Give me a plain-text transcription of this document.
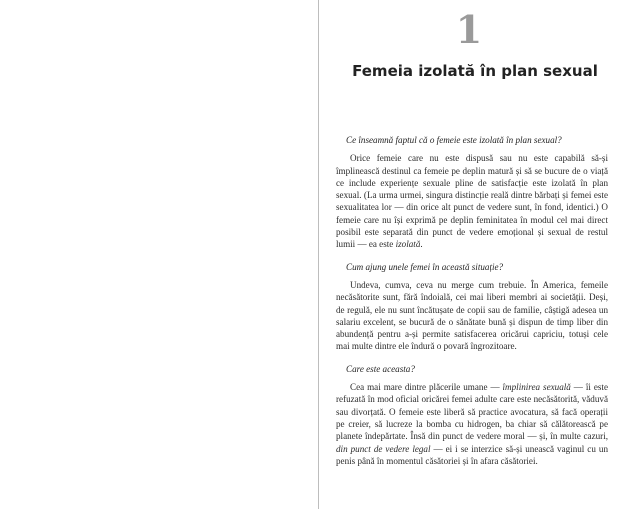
1
Femeia izolată în plan sexual

Ce înseamnă faptul că o femeie este izolată în plan sexual?

Orice femeie care nu este dispusă sau nu este capabilă să-și împlinească destinul ca femeie pe deplin matură și să se bucure de o viață ce include experiențe sexuale pline de satisfacție este izolată în plan sexual. (La urma urmei, singura distincție reală dintre bărbați și femei este sexualitatea lor — din orice alt punct de vedere sunt, în fond, identici.) O femeie care nu își exprimă pe deplin feminitatea în modul cel mai direct posibil este separată din punct de vedere emoțional și sexual de restul lumii — ea este izolată.

Cum ajung unele femei în această situație?

Undeva, cumva, ceva nu merge cum trebuie. În America, femeile necăsătorite sunt, fără îndoială, cei mai liberi membri ai societății. Deși, de regulă, ele nu sunt încătușate de copii sau de familie, câștigă adesea un salariu excelent, se bucură de o sănătate bună și dispun de timp liber din abundență pentru a-și permite satisfacerea oricărui capriciu, totuși cele mai multe dintre ele îndură o povară îngrozitoare.

Care este aceasta?

Cea mai mare dintre plăcerile umane — împlinirea sexuală — îi este refuzată în mod oficial oricărei femei adulte care este necăsătorită, văduvă sau divorțată. O femeie este liberă să practice avocatura, să facă operații pe creier, să lucreze la bomba cu hidrogen, ba chiar să călătorească pe planete îndepărtate. Însă din punct de vedere moral — și, în multe cazuri, din punct de vedere legal — ei i se interzice să-și unească vaginul cu un penis până în momentul căsătoriei și în afara căsătoriei.
